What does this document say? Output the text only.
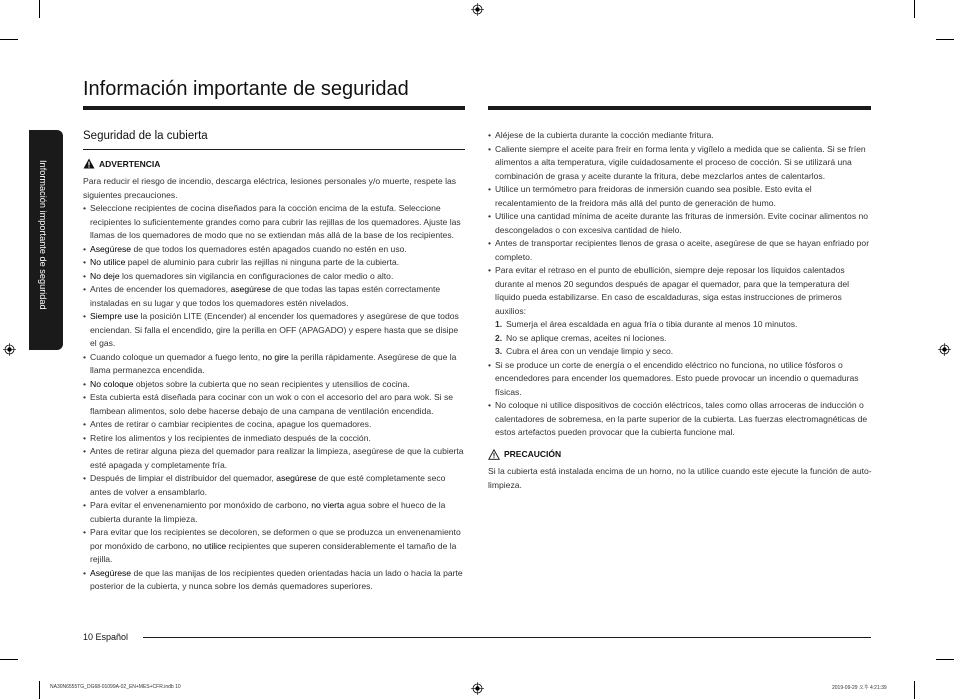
Información importante de seguridad
Información importante de seguridad
Seguridad de la cubierta
ADVERTENCIA

Para reducir el riesgo de incendio, descarga eléctrica, lesiones personales y/o muerte, respete las siguientes precauciones.

• Seleccione recipientes de cocina diseñados para la cocción encima de la estufa. Seleccione recipientes lo suficientemente grandes como para cubrir las rejillas de los quemadores. Ajuste las llamas de los quemadores de modo que no se extiendan más allá de la base de los recipientes.
• Asegúrese de que todos los quemadores estén apagados cuando no estén en uso.
• No utilice papel de aluminio para cubrir las rejillas ni ninguna parte de la cubierta.
• No deje los quemadores sin vigilancia en configuraciones de calor medio o alto.
• Antes de encender los quemadores, asegúrese de que todas las tapas estén correctamente instaladas en su lugar y que todos los quemadores estén nivelados.
• Siempre use la posición LITE (Encender) al encender los quemadores y asegúrese de que todos enciendan. Si falla el encendido, gire la perilla en OFF (APAGADO) y espere hasta que se disipe el gas.
• Cuando coloque un quemador a fuego lento, no gire la perilla rápidamente. Asegúrese de que la llama permanezca encendida.
• No coloque objetos sobre la cubierta que no sean recipientes y utensilios de cocina.
• Esta cubierta está diseñada para cocinar con un wok o con el accesorio del aro para wok. Si se flambean alimentos, solo debe hacerse debajo de una campana de ventilación encendida.
• Antes de retirar o cambiar recipientes de cocina, apague los quemadores.
• Retire los alimentos y los recipientes de inmediato después de la cocción.
• Antes de retirar alguna pieza del quemador para realizar la limpieza, asegúrese de que la cubierta esté apagada y completamente fría.
• Después de limpiar el distribuidor del quemador, asegúrese de que esté completamente seco antes de volver a ensamblarlo.
• Para evitar el envenenamiento por monóxido de carbono, no vierta agua sobre el hueco de la cubierta durante la limpieza.
• Para evitar que los recipientes se decoloren, se deformen o que se produzca un envenenamiento por monóxido de carbono, no utilice recipientes que superen considerablemente el tamaño de la rejilla.
• Asegúrese de que las manijas de los recipientes queden orientadas hacia un lado o hacia la parte posterior de la cubierta, y nunca sobre los demás quemadores superiores.
• Aléjese de la cubierta durante la cocción mediante fritura.
• Caliente siempre el aceite para freír en forma lenta y vigílelo a medida que se calienta. Si se fríen alimentos a alta temperatura, vigile cuidadosamente el proceso de cocción. Si se utilizará una combinación de grasa y aceite durante la fritura, debe mezclarlos antes de calentarlos.
• Utilice un termómetro para freidoras de inmersión cuando sea posible. Esto evita el recalentamiento de la freidora más allá del punto de generación de humo.
• Utilice una cantidad mínima de aceite durante las frituras de inmersión. Evite cocinar alimentos no descongelados o con excesiva cantidad de hielo.
• Antes de transportar recipientes llenos de grasa o aceite, asegúrese de que se hayan enfriado por completo.
• Para evitar el retraso en el punto de ebullición, siempre deje reposar los líquidos calentados durante al menos 20 segundos después de apagar el quemador, para que la temperatura del líquido pueda estabilizarse. En caso de escaldaduras, siga estas instrucciones de primeros auxilios:
1. Sumerja el área escaldada en agua fría o tibia durante al menos 10 minutos.
2. No se aplique cremas, aceites ni lociones.
3. Cubra el área con un vendaje limpio y seco.
• Si se produce un corte de energía o el encendido eléctrico no funciona, no utilice fósforos o encendedores para encender los quemadores. Esto puede provocar un incendio o quemaduras físicas.
• No coloque ni utilice dispositivos de cocción eléctricos, tales como ollas arroceras de inducción o calentadores de sobremesa, en la parte superior de la cubierta. Las fuerzas electromagnéticas de estos artefactos pueden provocar que la cubierta funcione mal.
PRECAUCIÓN

Si la cubierta está instalada encima de un horno, no la utilice cuando este ejecute la función de auto-limpieza.

10 Español
NA30N6555TG_DG68-01099A-02_EN+MES+CFR.indb 10	2019-09-29 오후 4:21:39
